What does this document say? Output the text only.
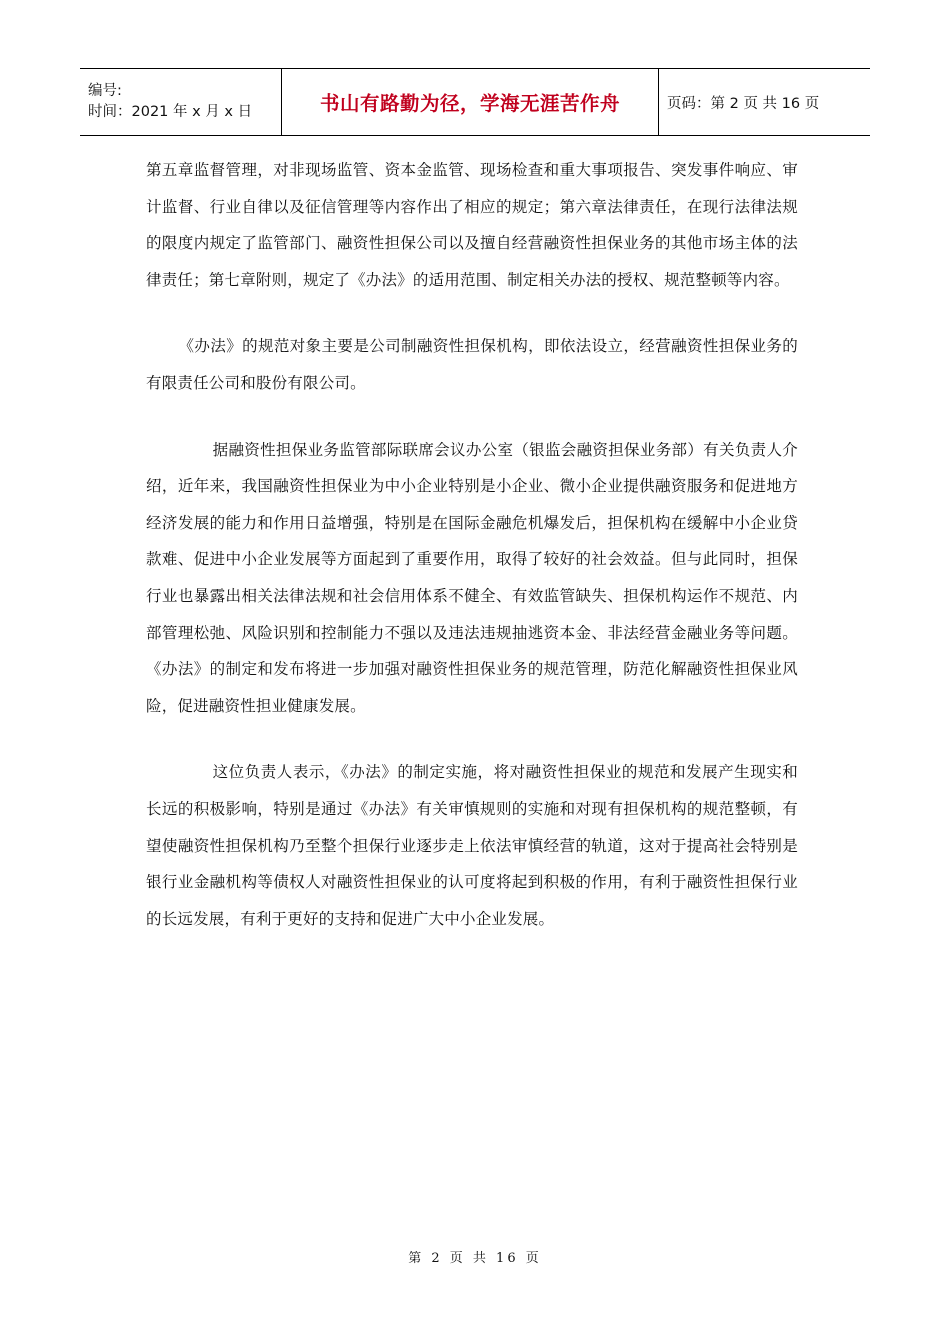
编号:
时间：2021 年 x 月 x 日	书山有路勤为径，学海无涯苦作舟	页码：第 2 页 共 16 页

第五章监督管理，对非现场监管、资本金监管、现场检查和重大事项报告、突发事件响应、审计监督、行业自律以及征信管理等内容作出了相应的规定；第六章法律责任，在现行法律法规的限度内规定了监管部门、融资性担保公司以及擅自经营融资性担保业务的其他市场主体的法律责任；第七章附则，规定了《办法》的适用范围、制定相关办法的授权、规范整顿等内容。

《办法》的规范对象主要是公司制融资性担保机构，即依法设立，经营融资性担保业务的有限责任公司和股份有限公司。

据融资性担保业务监管部际联席会议办公室（银监会融资担保业务部）有关负责人介绍，近年来，我国融资性担保业为中小企业特别是小企业、微小企业提供融资服务和促进地方经济发展的能力和作用日益增强，特别是在国际金融危机爆发后，担保机构在缓解中小企业贷款难、促进中小企业发展等方面起到了重要作用，取得了较好的社会效益。但与此同时，担保行业也暴露出相关法律法规和社会信用体系不健全、有效监管缺失、担保机构运作不规范、内部管理松弛、风险识别和控制能力不强以及违法违规抽逃资本金、非法经营金融业务等问题。《办法》的制定和发布将进一步加强对融资性担保业务的规范管理，防范化解融资性担保业风险，促进融资性担业健康发展。

这位负责人表示，《办法》的制定实施，将对融资性担保业的规范和发展产生现实和长远的积极影响，特别是通过《办法》有关审慎规则的实施和对现有担保机构的规范整顿，有望使融资性担保机构乃至整个担保行业逐步走上依法审慎经营的轨道，这对于提高社会特别是银行业金融机构等债权人对融资性担保业的认可度将起到积极的作用，有利于融资性担保行业的长远发展，有利于更好的支持和促进广大中小企业发展。

第 2 页 共 16 页
